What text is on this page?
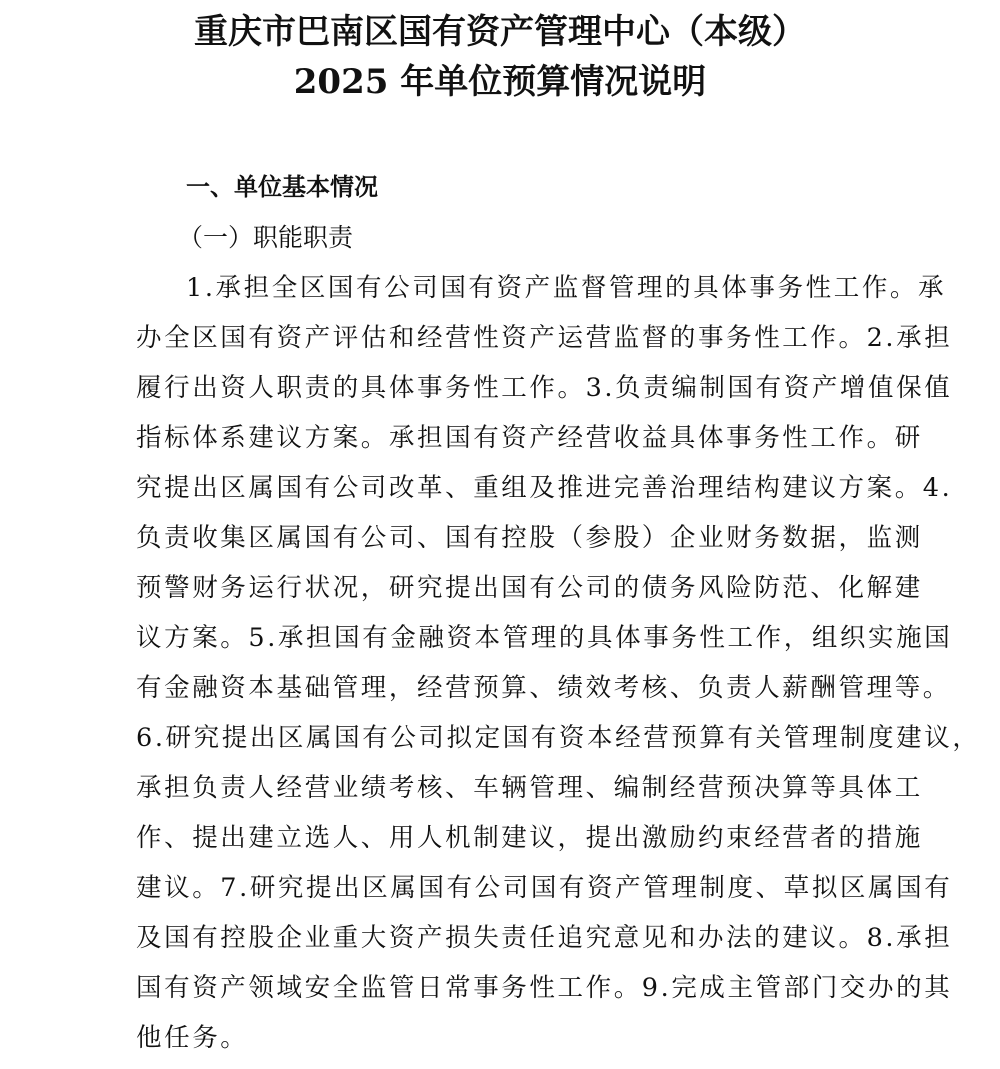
重庆市巴南区国有资产管理中心（本级）
2025 年单位预算情况说明
一、单位基本情况
（一）职能职责
1.承担全区国有公司国有资产监督管理的具体事务性工作。承
办全区国有资产评估和经营性资产运营监督的事务性工作。2.承担
履行出资人职责的具体事务性工作。3.负责编制国有资产增值保值
指标体系建议方案。承担国有资产经营收益具体事务性工作。研
究提出区属国有公司改革、重组及推进完善治理结构建议方案。4.
负责收集区属国有公司、国有控股（参股）企业财务数据，监测
预警财务运行状况，研究提出国有公司的债务风险防范、化解建
议方案。5.承担国有金融资本管理的具体事务性工作，组织实施国
有金融资本基础管理，经营预算、绩效考核、负责人薪酬管理等。
6.研究提出区属国有公司拟定国有资本经营预算有关管理制度建议，
承担负责人经营业绩考核、车辆管理、编制经营预决算等具体工
作、提出建立选人、用人机制建议，提出激励约束经营者的措施
建议。7.研究提出区属国有公司国有资产管理制度、草拟区属国有
及国有控股企业重大资产损失责任追究意见和办法的建议。8.承担
国有资产领域安全监管日常事务性工作。9.完成主管部门交办的其
他任务。
